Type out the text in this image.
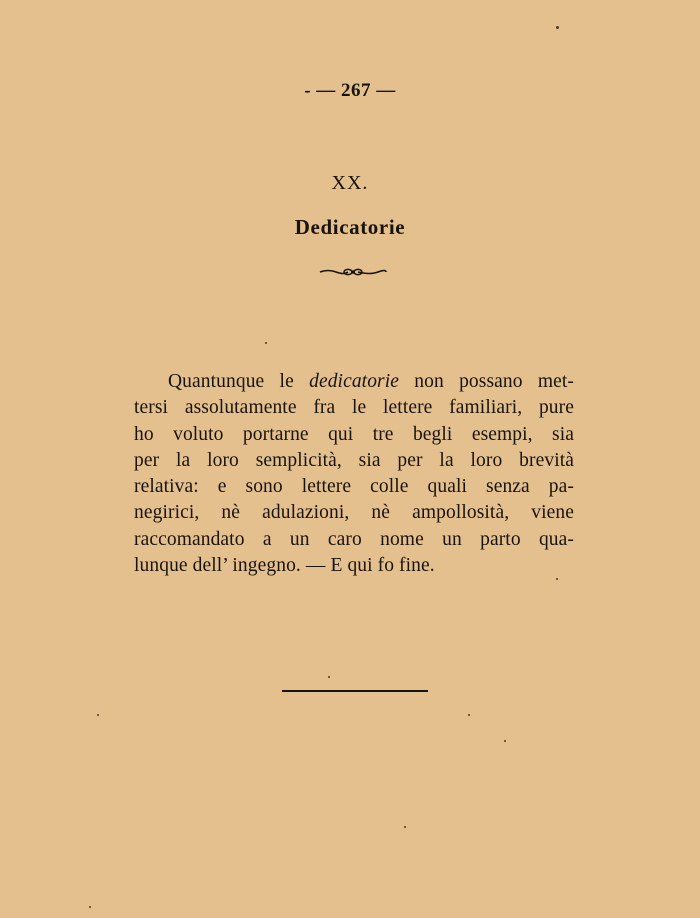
- — 267 —
XX.
Dedicatorie
Quantunque le dedicatorie non possano met-
tersi assolutamente fra le lettere familiari, pure
ho voluto portarne qui tre begli esempi, sia
per la loro semplicità, sia per la loro brevità
relativa: e sono lettere colle quali senza pa-
negirici, nè adulazioni, nè ampollosità, viene
raccomandato a un caro nome un parto qua-
lunque dell’ ingegno. — E qui fo fine.
